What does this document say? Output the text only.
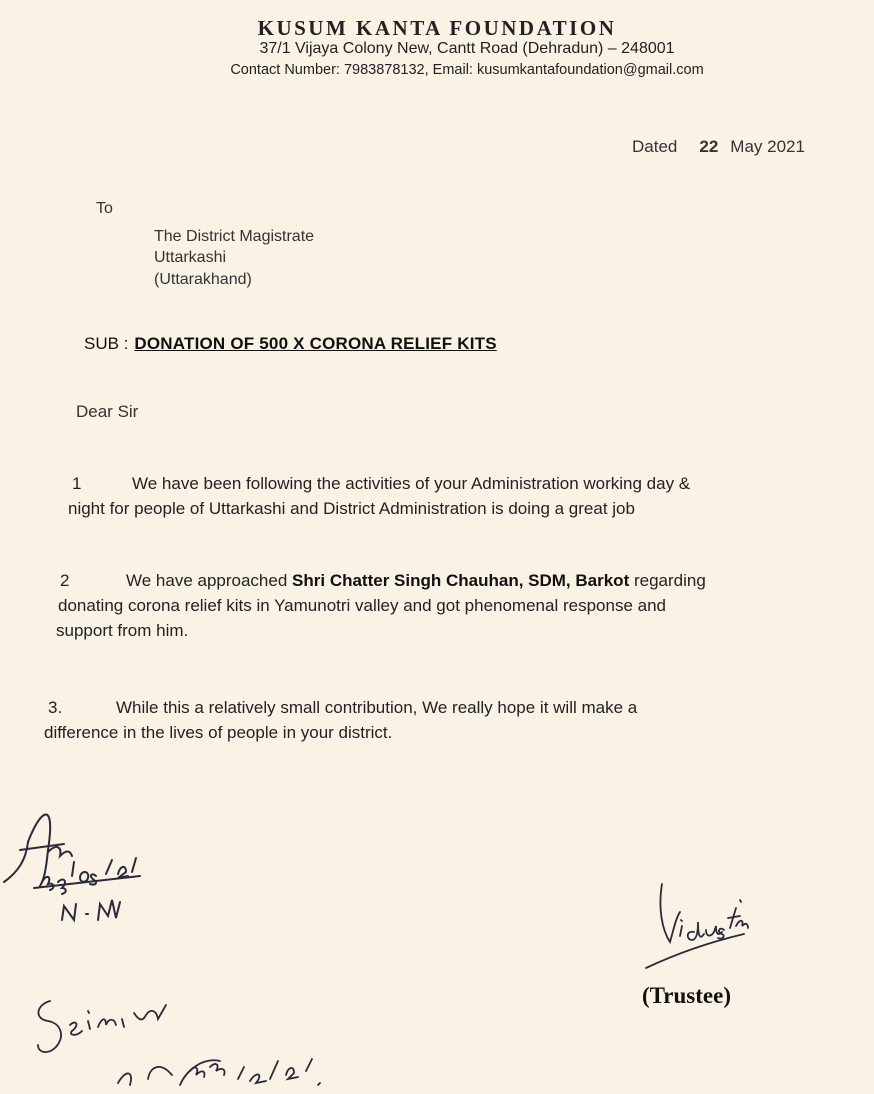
KUSUM KANTA FOUNDATION
37/1 Vijaya Colony New, Cantt Road (Dehradun) – 248001
Contact Number: 7983878132, Email: kusumkantafoundation@gmail.com
Dated 22 May 2021
To
The District Magistrate
Uttarkashi
(Uttarakhand)
SUB : DONATION OF 500 X CORONA RELIEF KITS
Dear Sir
1	We have been following the activities of your Administration working day &
night for people of Uttarkashi and District Administration is doing a great job
2	We have approached Shri Chatter Singh Chauhan, SDM, Barkot regarding
donating corona relief kits in Yamunotri valley and got phenomenal response and
support from him.
3.	While this a relatively small contribution, We really hope it will make a
difference in the lives of people in your district.
(Trustee)
